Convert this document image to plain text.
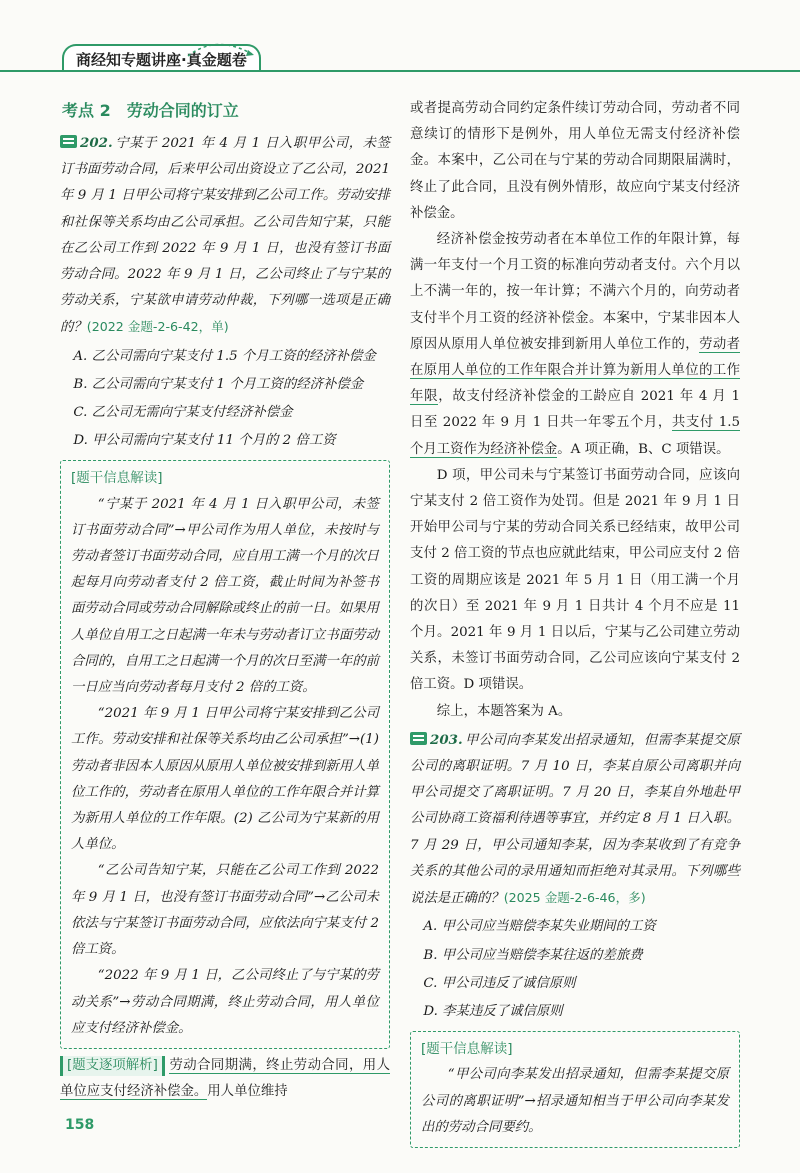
商经知专题讲座·真金题卷
考点 2　劳动合同的订立

202. 宁某于 2021 年 4 月 1 日入职甲公司，未签订书面劳动合同，后来甲公司出资设立了乙公司，2021 年 9 月 1 日甲公司将宁某安排到乙公司工作。劳动安排和社保等关系均由乙公司承担。乙公司告知宁某，只能在乙公司工作到 2022 年 9 月 1 日，也没有签订书面劳动合同。2022 年 9 月 1 日，乙公司终止了与宁某的劳动关系，宁某欲申请劳动仲裁，下列哪一选项是正确的？(2022 金题-2-6-42，单)

A. 乙公司需向宁某支付 1.5 个月工资的经济补偿金

B. 乙公司需向宁某支付 1 个月工资的经济补偿金

C. 乙公司无需向宁某支付经济补偿金

D. 甲公司需向宁某支付 11 个月的 2 倍工资

[题干信息解读]

“宁某于 2021 年 4 月 1 日入职甲公司，未签订书面劳动合同”→甲公司作为用人单位，未按时与劳动者签订书面劳动合同，应自用工满一个月的次日起每月向劳动者支付 2 倍工资，截止时间为补签书面劳动合同或劳动合同解除或终止的前一日。如果用人单位自用工之日起满一年未与劳动者订立书面劳动合同的，自用工之日起满一个月的次日至满一年的前一日应当向劳动者每月支付 2 倍的工资。

“2021 年 9 月 1 日甲公司将宁某安排到乙公司工作。劳动安排和社保等关系均由乙公司承担”→(1) 劳动者非因本人原因从原用人单位被安排到新用人单位工作的，劳动者在原用人单位的工作年限合并计算为新用人单位的工作年限。(2) 乙公司为宁某新的用人单位。

“乙公司告知宁某，只能在乙公司工作到 2022 年 9 月 1 日，也没有签订书面劳动合同”→乙公司未依法与宁某签订书面劳动合同，应依法向宁某支付 2 倍工资。

“2022 年 9 月 1 日，乙公司终止了与宁某的劳动关系”→劳动合同期满，终止劳动合同，用人单位应支付经济补偿金。

[题支逐项解析] 劳动合同期满，终止劳动合同，用人单位应支付经济补偿金。用人单位维持

或者提高劳动合同约定条件续订劳动合同，劳动者不同意续订的情形下是例外，用人单位无需支付经济补偿金。本案中，乙公司在与宁某的劳动合同期限届满时，终止了此合同，且没有例外情形，故应向宁某支付经济补偿金。

经济补偿金按劳动者在本单位工作的年限计算，每满一年支付一个月工资的标准向劳动者支付。六个月以上不满一年的，按一年计算；不满六个月的，向劳动者支付半个月工资的经济补偿金。本案中，宁某非因本人原因从原用人单位被安排到新用人单位工作的，劳动者在原用人单位的工作年限合并计算为新用人单位的工作年限，故支付经济补偿金的工龄应自 2021 年 4 月 1 日至 2022 年 9 月 1 日共一年零五个月，共支付 1.5 个月工资作为经济补偿金。A 项正确，B、C 项错误。

D 项，甲公司未与宁某签订书面劳动合同，应该向宁某支付 2 倍工资作为处罚。但是 2021 年 9 月 1 日开始甲公司与宁某的劳动合同关系已经结束，故甲公司支付 2 倍工资的节点也应就此结束，甲公司应支付 2 倍工资的周期应该是 2021 年 5 月 1 日（用工满一个月的次日）至 2021 年 9 月 1 日共计 4 个月不应是 11 个月。2021 年 9 月 1 日以后，宁某与乙公司建立劳动关系，未签订书面劳动合同，乙公司应该向宁某支付 2 倍工资。D 项错误。

综上，本题答案为 A。

203. 甲公司向李某发出招录通知，但需李某提交原公司的离职证明。7 月 10 日，李某自原公司离职并向甲公司提交了离职证明。7 月 20 日，李某自外地赴甲公司协商工资福利待遇等事宜，并约定 8 月 1 日入职。7 月 29 日，甲公司通知李某，因为李某收到了有竞争关系的其他公司的录用通知而拒绝对其录用。下列哪些说法是正确的？(2025 金题-2-6-46，多)

A. 甲公司应当赔偿李某失业期间的工资

B. 甲公司应当赔偿李某往返的差旅费

C. 甲公司违反了诚信原则

D. 李某违反了诚信原则

[题干信息解读]

“甲公司向李某发出招录通知，但需李某提交原公司的离职证明”→招录通知相当于甲公司向李某发出的劳动合同要约。

158
